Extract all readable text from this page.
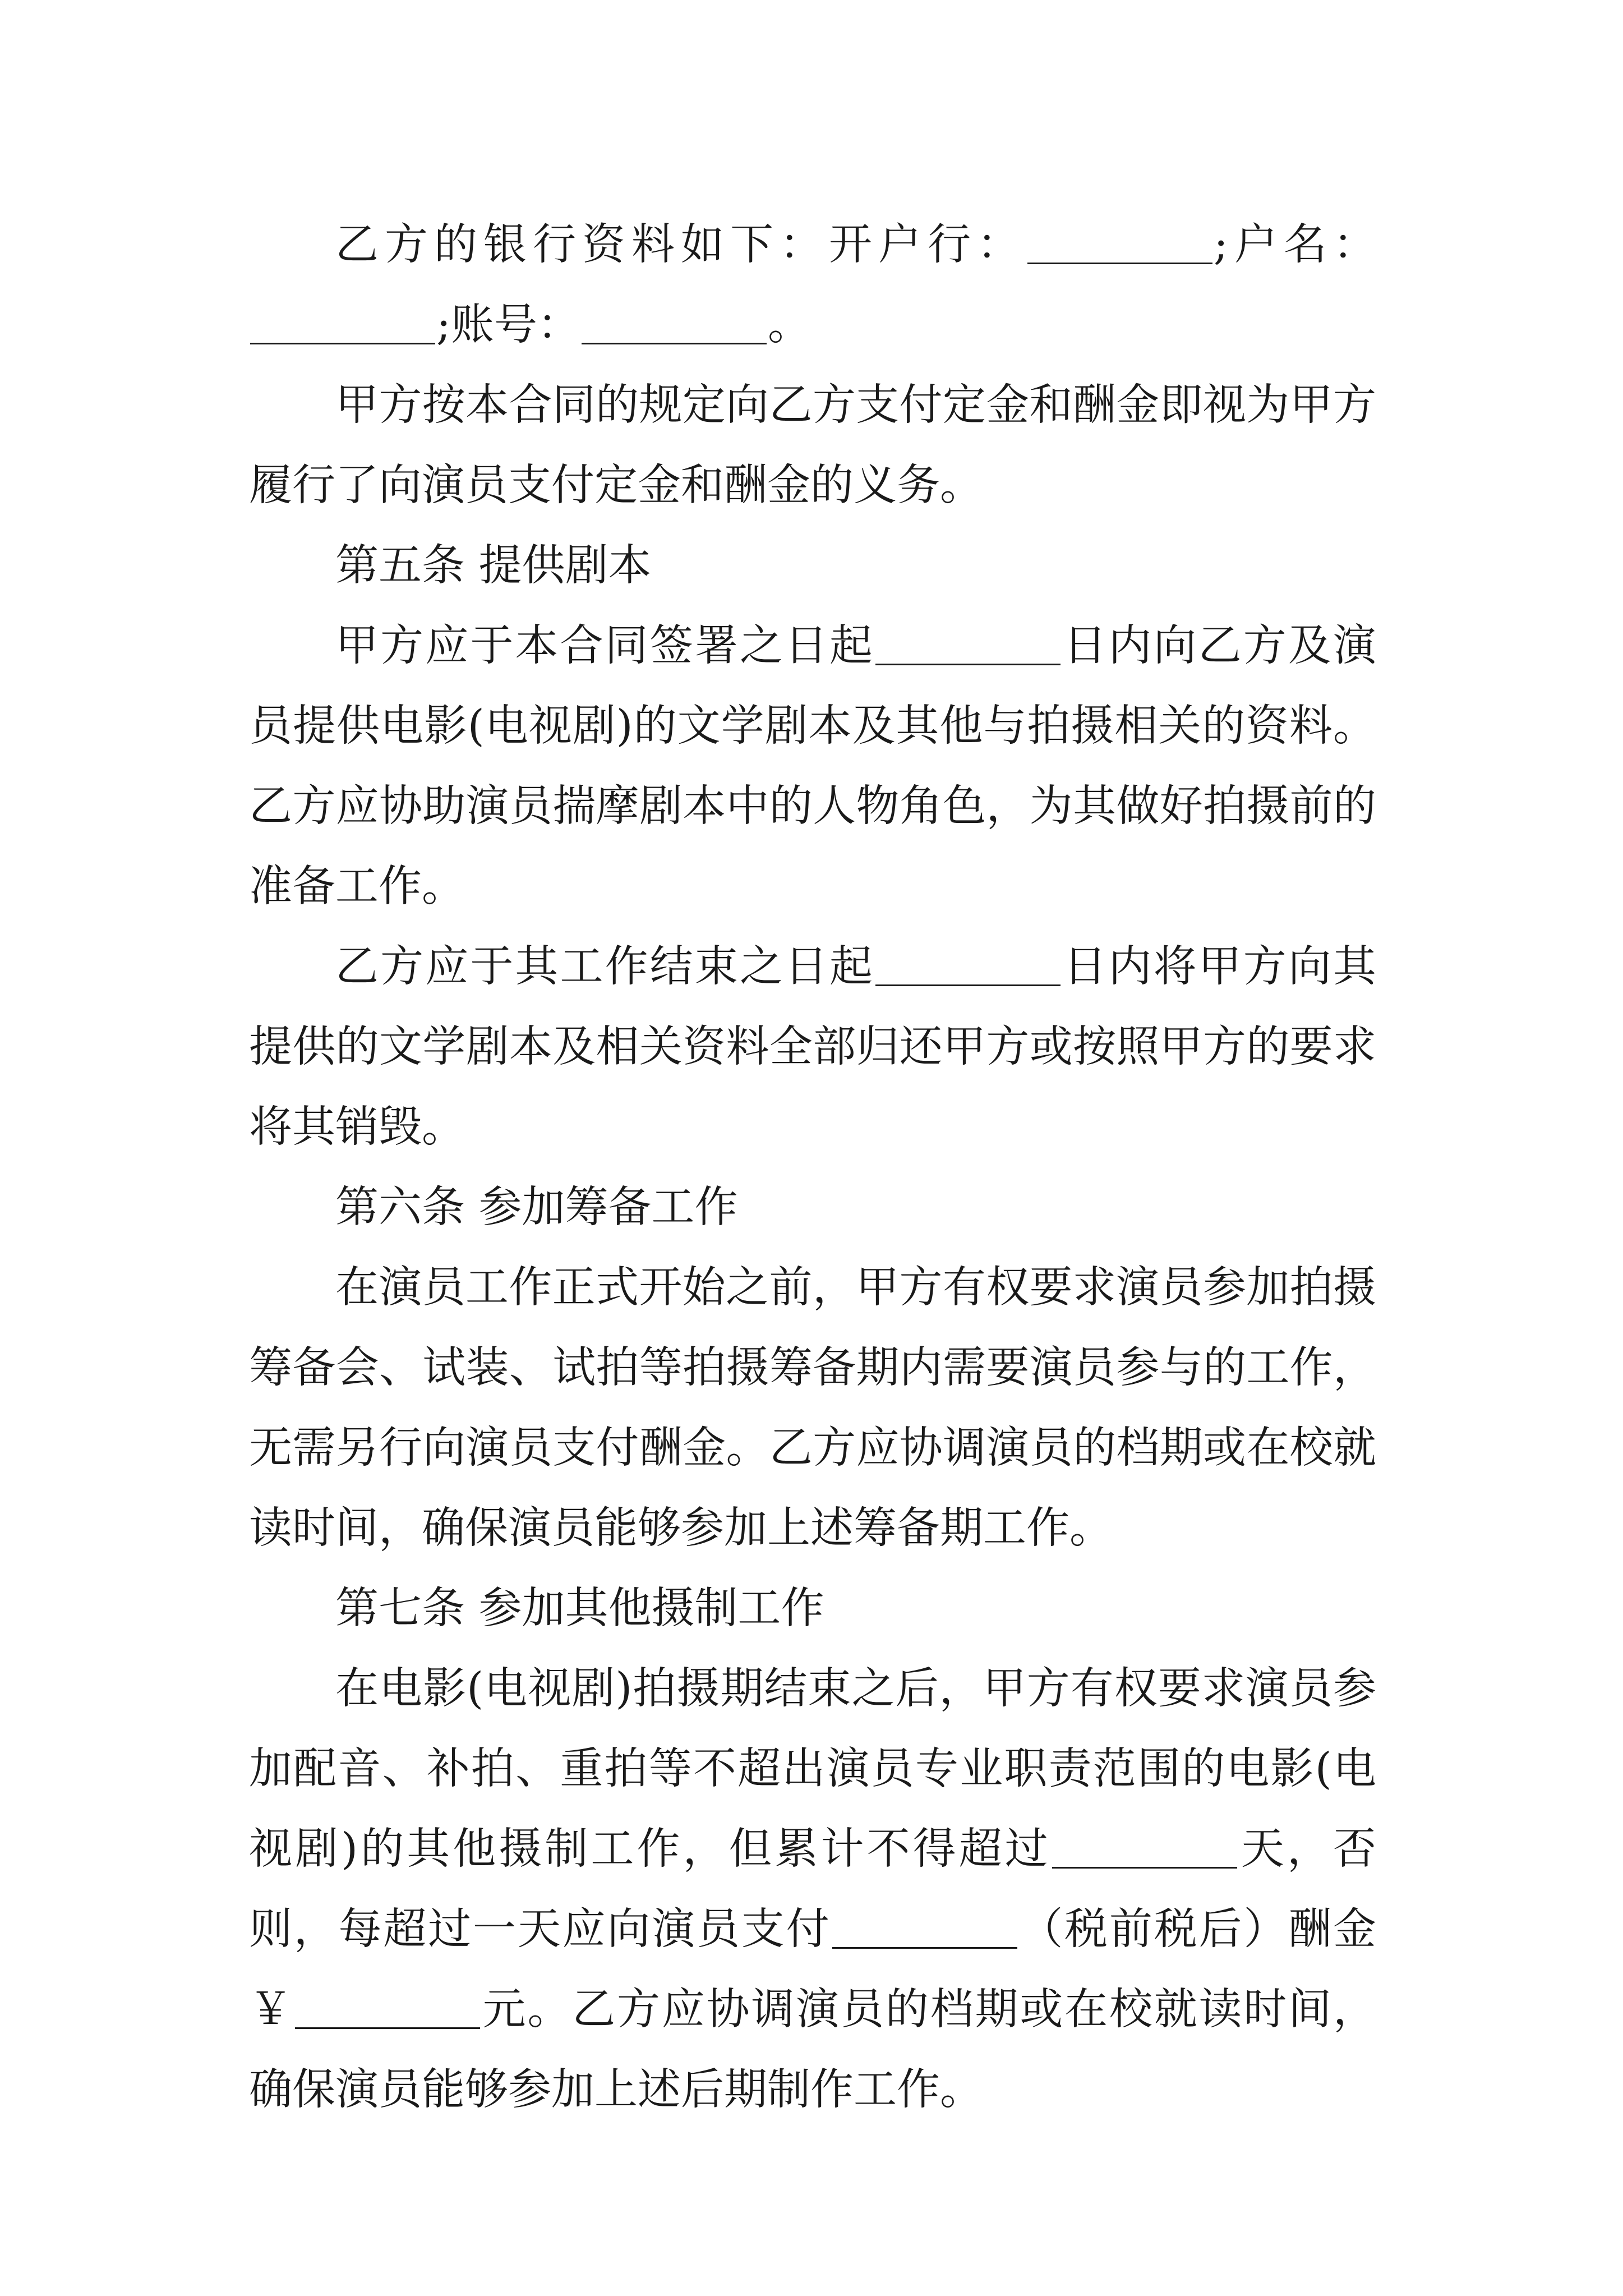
乙方的银行资料如下：开户行：	;户名：;账号：	。

甲方按本合同的规定向乙方支付定金和酬金即视为甲方履行了向演员支付定金和酬金的义务。

第五条 提供剧本

甲方应于本合同签署之日起	日内向乙方及演员提供电影(电视剧)的文学剧本及其他与拍摄相关的资料。乙方应协助演员揣摩剧本中的人物角色，为其做好拍摄前的准备工作。

乙方应于其工作结束之日起	日内将甲方向其提供的文学剧本及相关资料全部归还甲方或按照甲方的要求将其销毁。

第六条 参加筹备工作

在演员工作正式开始之前，甲方有权要求演员参加拍摄筹备会、试装、试拍等拍摄筹备期内需要演员参与的工作，无需另行向演员支付酬金。乙方应协调演员的档期或在校就读时间，确保演员能够参加上述筹备期工作。

第七条 参加其他摄制工作

在电影(电视剧)拍摄期结束之后，甲方有权要求演员参加配音、补拍、重拍等不超出演员专业职责范围的电影(电视剧)的其他摄制工作，但累计不得超过	天，否则，每超过一天应向演员支付	（税前税后）酬金￥	元。乙方应协调演员的档期或在校就读时间，确保演员能够参加上述后期制作工作。
